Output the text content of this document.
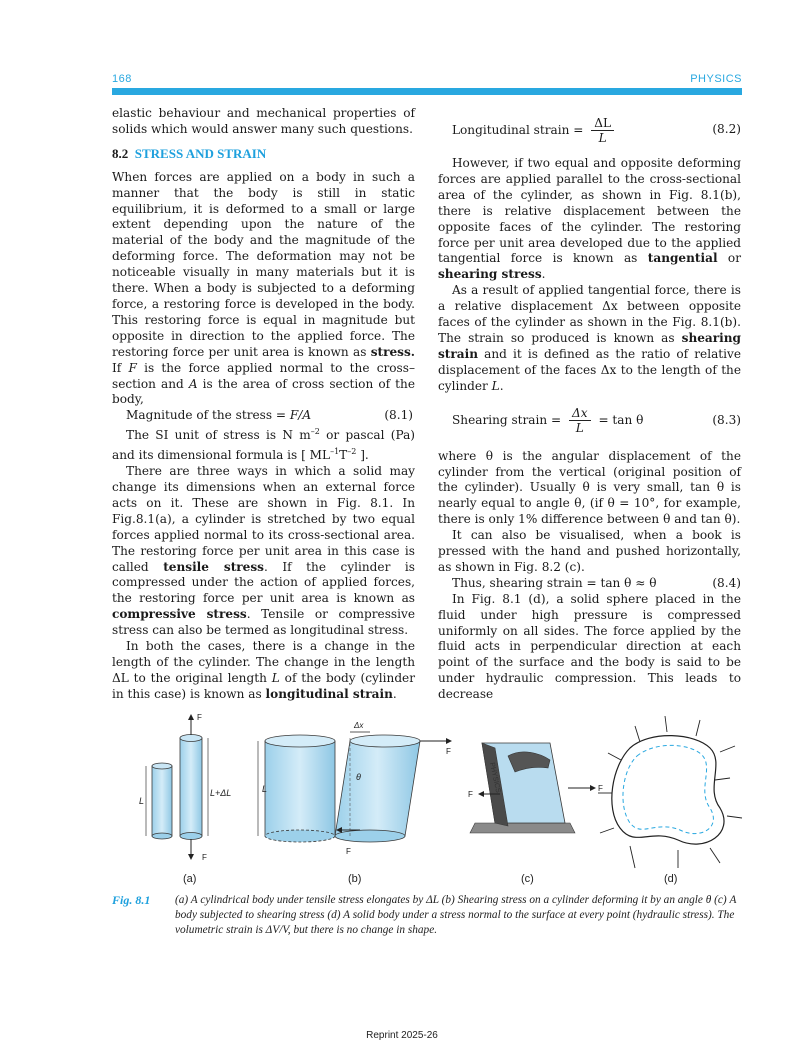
168	PHYSICS

elastic behaviour and mechanical properties of solids which would answer many such questions.

8.2 STRESS AND STRAIN

When forces are applied on a body in such a manner that the body is still in static equilibrium, it is deformed to a small or large extent depending upon the nature of the material of the body and the magnitude of the deforming force. The deformation may not be noticeable visually in many materials but it is there. When a body is subjected to a deforming force, a restoring force is developed in the body. This restoring force is equal in magnitude but opposite in direction to the applied force. The restoring force per unit area is known as stress. If F is the force applied normal to the cross–section and A is the area of cross section of the body,

Magnitude of the stress = F/A	(8.1)

The SI unit of stress is N $m^{-2}$ or pascal (Pa) and its dimensional formula is [ $ML^{-1}T^{-2}$ ].

There are three ways in which a solid may change its dimensions when an external force acts on it. These are shown in Fig. 8.1. In Fig.8.1(a), a cylinder is stretched by two equal forces applied normal to its cross-sectional area. The restoring force per unit area in this case is called tensile stress. If the cylinder is compressed under the action of applied forces, the restoring force per unit area is known as compressive stress. Tensile or compressive stress can also be termed as longitudinal stress.

In both the cases, there is a change in the length of the cylinder. The change in the length ΔL to the original length L of the body (cylinder in this case) is known as longitudinal strain.

Longitudinal strain = $\frac{\Delta L}{L}$	(8.2)

However, if two equal and opposite deforming forces are applied parallel to the cross-sectional area of the cylinder, as shown in Fig. 8.1(b), there is relative displacement between the opposite faces of the cylinder. The restoring force per unit area developed due to the applied tangential force is known as tangential or shearing stress.

As a result of applied tangential force, there is a relative displacement Δx between opposite faces of the cylinder as shown in the Fig. 8.1(b). The strain so produced is known as shearing strain and it is defined as the ratio of relative displacement of the faces Δx to the length of the cylinder L.

Shearing strain = $\frac{\Delta x}{L} = \tan \theta$	(8.3)

where θ is the angular displacement of the cylinder from the vertical (original position of the cylinder). Usually θ is very small, tan θ is nearly equal to angle θ, (if θ = 10°, for example, there is only 1% difference between θ and tan θ).

It can also be visualised, when a book is pressed with the hand and pushed horizontally, as shown in Fig. 8.2 (c).

Thus, shearing strain = tan θ ≈ θ	(8.4)

In Fig. 8.1 (d), a solid sphere placed in the fluid under high pressure is compressed uniformly on all sides. The force applied by the fluid acts in perpendicular direction at each point of the surface and the body is said to be under hydraulic compression. This leads to decrease

L
F
F
L+ΔL	L
Δx
θ
F
F
PHYSICS	F
F
(a)	(b)	(c)	(d)
Fig. 8.1 (a) A cylindrical body under tensile stress elongates by ΔL (b) Shearing stress on a cylinder deforming it by an angle θ (c) A body subjected to shearing stress (d) A solid body under a stress normal to the surface at every point (hydraulic stress). The volumetric strain is ΔV/V, but there is no change in shape.
Reprint 2025-26
